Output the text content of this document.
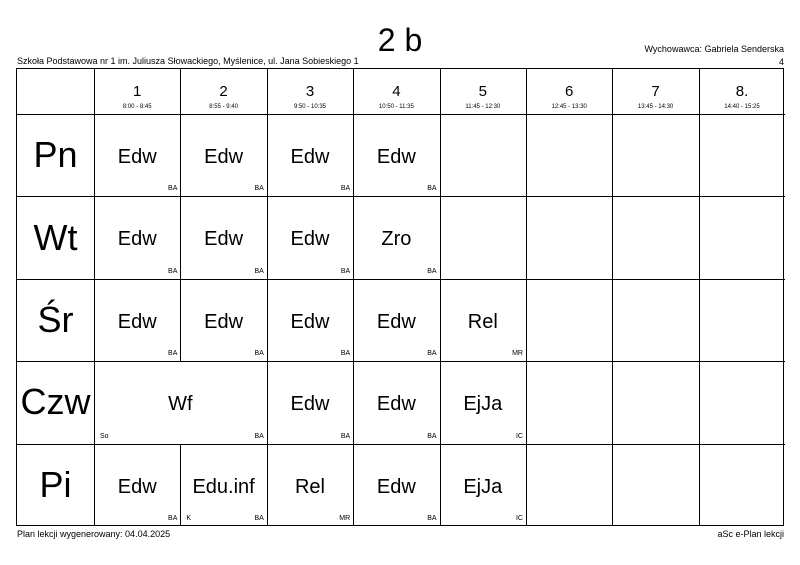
2 b
Szkoła Podstawowa nr 1 im. Juliusza Słowackiego, Myślenice, ul. Jana Sobieskiego 1
Wychowawca: Gabriela Senderska
4
1
8:00 - 8:45
2
8:55 - 9:40
3
9:50 - 10:35
4
10:50 - 11:35
5
11:45 - 12:30
6
12:45 - 13:30
7
13:45 - 14:30
8.
14:40 - 15:25
Pn
Wt
Śr
Czw
Pi
Edw
BA
Edw
BA
Edw
BA
Edw
BA
Edw
BA
Edw
BA
Edw
BA
Zro
BA
Edw
BA
Edw
BA
Edw
BA
Edw
BA
Rel
MR
Wf
BA
So
Edw
BA
Edw
BA
EjJa
IC
Edw
BA
Edu.inf
BA
K
Rel
MR
Edw
BA
EjJa
IC
Plan lekcji wygenerowany: 04.04.2025	aSc e-Plan lekcji
